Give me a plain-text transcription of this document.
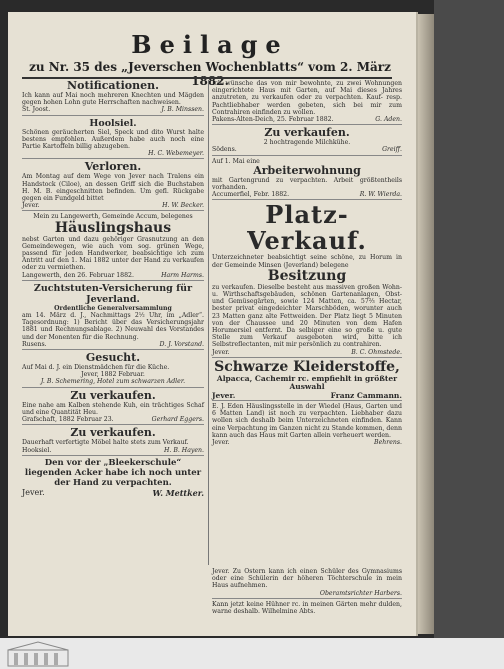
Beilage
zu Nr. 35 des „Jeverschen Wochenblatts“ vom 2. März 1882.
Notificationen.
Ich kann auf Mai noch mehreren Knechten und Mägden gegen hohen Lohn gute Herrschaften nachweisen.
St. Joost.	J. B. Minssen.
Hoolsiel.
Schönen geräucherten Siel, Speck und dito Wurst halte bestens empfohlen. Außerdem habe auch noch eine Partie Kartoffeln billig abzugeben.
H. C. Webemeyer.
Verloren.
Am Montag auf dem Wege von Jever nach Tralens ein Handstock (Ciloe), an dessen Griff sich die Buchstaben H. M. B. eingeschnitten befinden. Um gefl. Rückgabe gegen ein Fundgeld bittet
Jever.	H. W. Becker.
Mein zu Langewerth, Gemeinde Accum, belegenes
Häuslingshaus
nebst Garten und dazu gehöriger Grasnutzung an den Gemeindewegen, wie auch vom sog. grünen Wege, passend für jeden Handwerker, beabsichtige ich zum Antritt auf den 1. Mai 1882 unter der Hand zu verkaufen oder zu vermiethen.
Langewerth, den 26. Februar 1882.	Harm Harms.
Zuchtstuten-Versicherung für Jeverland.
Ordentliche Generalversammlung
am 14. März d. J., Nachmittags 2½ Uhr, im „Adler“. Tagesordnung: 1) Bericht über das Versicherungsjahr 1881 und Rechnungsablage. 2) Neuwahl des Vorstandes und der Monenten für die Rechnung.
Rusens.	D. J. Vorstand.
Gesucht.
Auf Mai d. J. ein Dienstmädchen für die Küche.
Jever, 1882 Februar.
J. B. Schemering, Hotel zum schwarzen Adler.
Zu verkaufen.
Eine nahe am Kalben stehende Kuh, ein trächtiges Schaf und eine Quantität Heu.
Grafschaft, 1882 Februar 23.	Gerhard Eggers.
Zu verkaufen.
Dauerhaft verfertigte Möbel halte stets zum Verkauf.
Hooksiel.	H. B. Hayen.
Den vor der „Bleekerschule“ liegenden Acker habe ich noch unter der Hand zu verpachten.
Jever.	W. Mettker.
Ich wünsche das von mir bewohnte, zu zwei Wohnungen eingerichtete Haus mit Garten, auf Mai dieses Jahres anzutreten, zu verkaufen oder zu verpachten. Kauf- resp. Pachtliebhaber werden gebeten, sich bei mir zum Contrahiren einfinden zu wollen.
Pakens-Alten-Deich, 25. Februar 1882.	G. Aden.
Zu verkaufen.
2 hochtragende Milchkühe.
Södens.	Greiff.
Auf 1. Mai eine
Arbeiterwohnung
mit Gartengrund zu verpachten. Arbeit größtentheils vorhanden.
Accumerfiel, Febr. 1882.	R. W. Wierda.
Platz-Verkauf.
Unterzeichneter beabsichtigt seine schöne, zu Horum in der Gemeinde Minsen (Jeverland) belegene
Besitzung
zu verkaufen. Dieselbe besteht aus massiven großen Wohn- u. Wirthschaftsgebäuden, schönen Gartenanlagen, Obst- und Gemüsegärten, sowie 124 Matten, ca. 57⅔ Hectar, bester privat eingedeichter Marschböden, worunter auch 23 Matten ganz alte Fettweiden. Der Platz liegt 5 Minuten von der Chaussee und 20 Minuten von dem Hafen Horumersiel entfernt. Da selbiger eine so große u. gute Stelle zum Verkauf ausgeboten wird, bitte ich Selbstreflectanten, mit mir persönlich zu contrahiren.
Jever.	B. C. Ohmstede.
Schwarze Kleiderstoffe,
Alpacca, Cachemir rc. empfiehlt in größter Auswahl
Jever.	Franz Cammann.
E. J. Eden Häuslingsstelle in der Wiedel (Haus, Garten und 6 Matten Land) ist noch zu verpachten. Liebhaber dazu wollen sich deshalb beim Unterzeichneten einfinden. Kann eine Verpachtung im Ganzen nicht zu Stande kommen, denn kann auch das Haus mit Garten allein verheuert werden.
Jever.	Behrens.
Jever. Zu Ostern kann ich einen Schüler des Gymnasiums oder eine Schülerin der höheren Töchterschule in mein Haus aufnehmen.
Oberamtsrichter Harbers.
Kann jetzt keine Hühner rc. in meinen Gärten mehr dulden, warne deshalb. Wilhelmine Abts.
